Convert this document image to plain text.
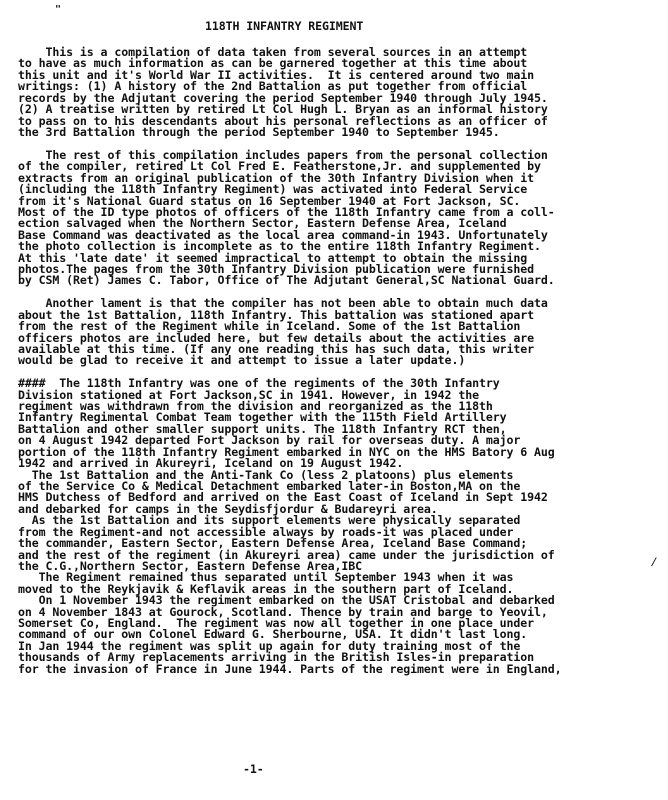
"
118TH INFANTRY REGIMENT
This is a compilation of data taken from several sources in an attempt
to have as much information as can be garnered together at this time about
this unit and it's World War II activities.  It is centered around two main
writings: (1) A history of the 2nd Battalion as put together from official
records by the Adjutant covering the period September 1940 through July 1945.
(2) A treatise written by retired Lt Col Hugh L. Bryan as an informal history
to pass on to his descendants about his personal reflections as an officer of
the 3rd Battalion through the period September 1940 to September 1945.
The rest of this compilation includes papers from the personal collection
of the compiler, retired Lt Col Fred E. Featherstone,Jr. and supplemented by
extracts from an original publication of the 30th Infantry Division when it
(including the 118th Infantry Regiment) was activated into Federal Service
from it's National Guard status on 16 September 1940 at Fort Jackson, SC.
Most of the ID type photos of officers of the 118th Infantry came from a coll-
ection salvaged when the Northern Sector, Eastern Defense Area, Iceland
Base Command was deactivated as the local area command-in 1943. Unfortunately
the photo collection is incomplete as to the entire 118th Infantry Regiment.
At this 'late date' it seemed impractical to attempt to obtain the missing
photos.The pages from the 30th Infantry Division publication were furnished
by CSM (Ret) James C. Tabor, Office of The Adjutant General,SC National Guard.
Another lament is that the compiler has not been able to obtain much data
about the 1st Battalion, 118th Infantry. This battalion was stationed apart
from the rest of the Regiment while in Iceland. Some of the 1st Battalion
officers photos are included here, but few details about the activities are
available at this time. (If any one reading this has such data, this writer
would be glad to receive it and attempt to issue a later update.)
####  The 118th Infantry was one of the regiments of the 30th Infantry
Division stationed at Fort Jackson,SC in 1941. However, in 1942 the
regiment was withdrawn from the division and reorganized as the 118th
Infantry Regimental Combat Team together with the 115th Field Artillery
Battalion and other smaller support units. The 118th Infantry RCT then,
on 4 August 1942 departed Fort Jackson by rail for overseas duty. A major
portion of the 118th Infantry Regiment embarked in NYC on the HMS Batory 6 Aug
1942 and arrived in Akureyri, Iceland on 19 August 1942.
The 1st Battalion and the Anti-Tank Co (less 2 platoons) plus elements
of the Service Co & Medical Detachment embarked later-in Boston,MA on the
HMS Dutchess of Bedford and arrived on the East Coast of Iceland in Sept 1942
and debarked for camps in the Seydisfjordur & Budareyri area.
As the 1st Battalion and its support elements were physically separated
from the Regiment-and not accessible always by roads-it was placed under
the commander, Eastern Sector, Eastern Defense Area, Iceland Base Command;
and the rest of the regiment (in Akureyri area) came under the jurisdiction of
the C.G.,Northern Sector, Eastern Defense Area,IBC
The Regiment remained thus separated until September 1943 when it was
moved to the Reykjavik & Keflavik areas in the southern part of Iceland.
On 1 November 1943 the regiment embarked on the USAT Cristobal and debarked
on 4 November 1843 at Gourock, Scotland. Thence by train and barge to Yeovil,
Somerset Co, England.  The regiment was now all together in one place under
command of our own Colonel Edward G. Sherbourne, USA. It didn't last long.
In Jan 1944 the regiment was split up again for duty training most of the
thousands of Army replacements arriving in the British Isles-in preparation
for the invasion of France in June 1944. Parts of the regiment were in England,
⁄
-1-
